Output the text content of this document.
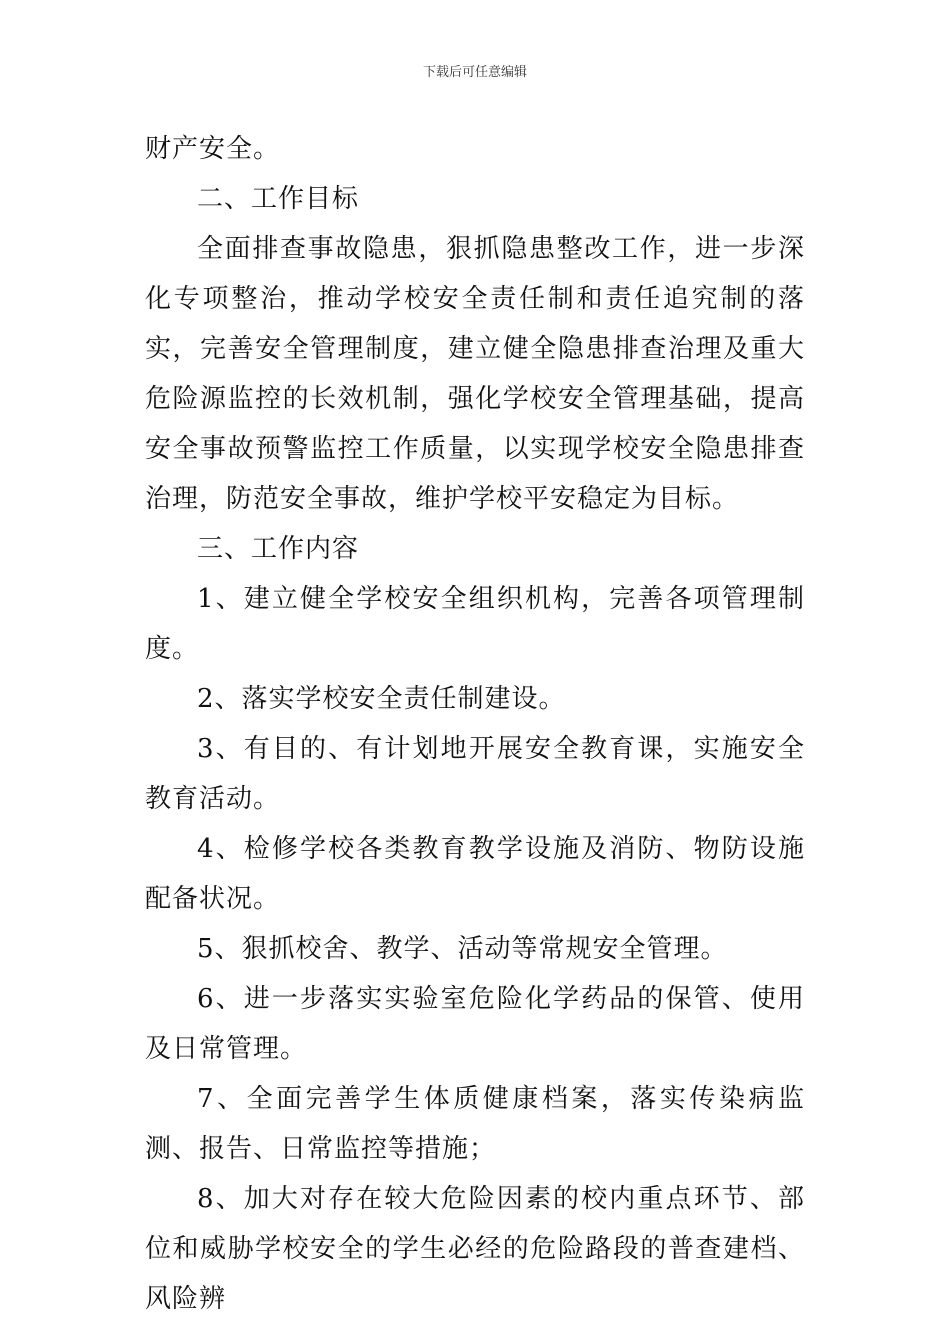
下载后可任意编辑

财产安全。

二、工作目标

全面排查事故隐患，狠抓隐患整改工作，进一步深化专项整治，推动学校安全责任制和责任追究制的落实，完善安全管理制度，建立健全隐患排查治理及重大危险源监控的长效机制，强化学校安全管理基础，提高安全事故预警监控工作质量，以实现学校安全隐患排查治理，防范安全事故，维护学校平安稳定为目标。

三、工作内容

1、建立健全学校安全组织机构，完善各项管理制度。

2、落实学校安全责任制建设。

3、有目的、有计划地开展安全教育课，实施安全教育活动。

4、检修学校各类教育教学设施及消防、物防设施配备状况。

5、狠抓校舍、教学、活动等常规安全管理。

6、进一步落实实验室危险化学药品的保管、使用及日常管理。

7、全面完善学生体质健康档案，落实传染病监测、报告、日常监控等措施；

8、加大对存在较大危险因素的校内重点环节、部位和威胁学校安全的学生必经的危险路段的普查建档、风险辨
